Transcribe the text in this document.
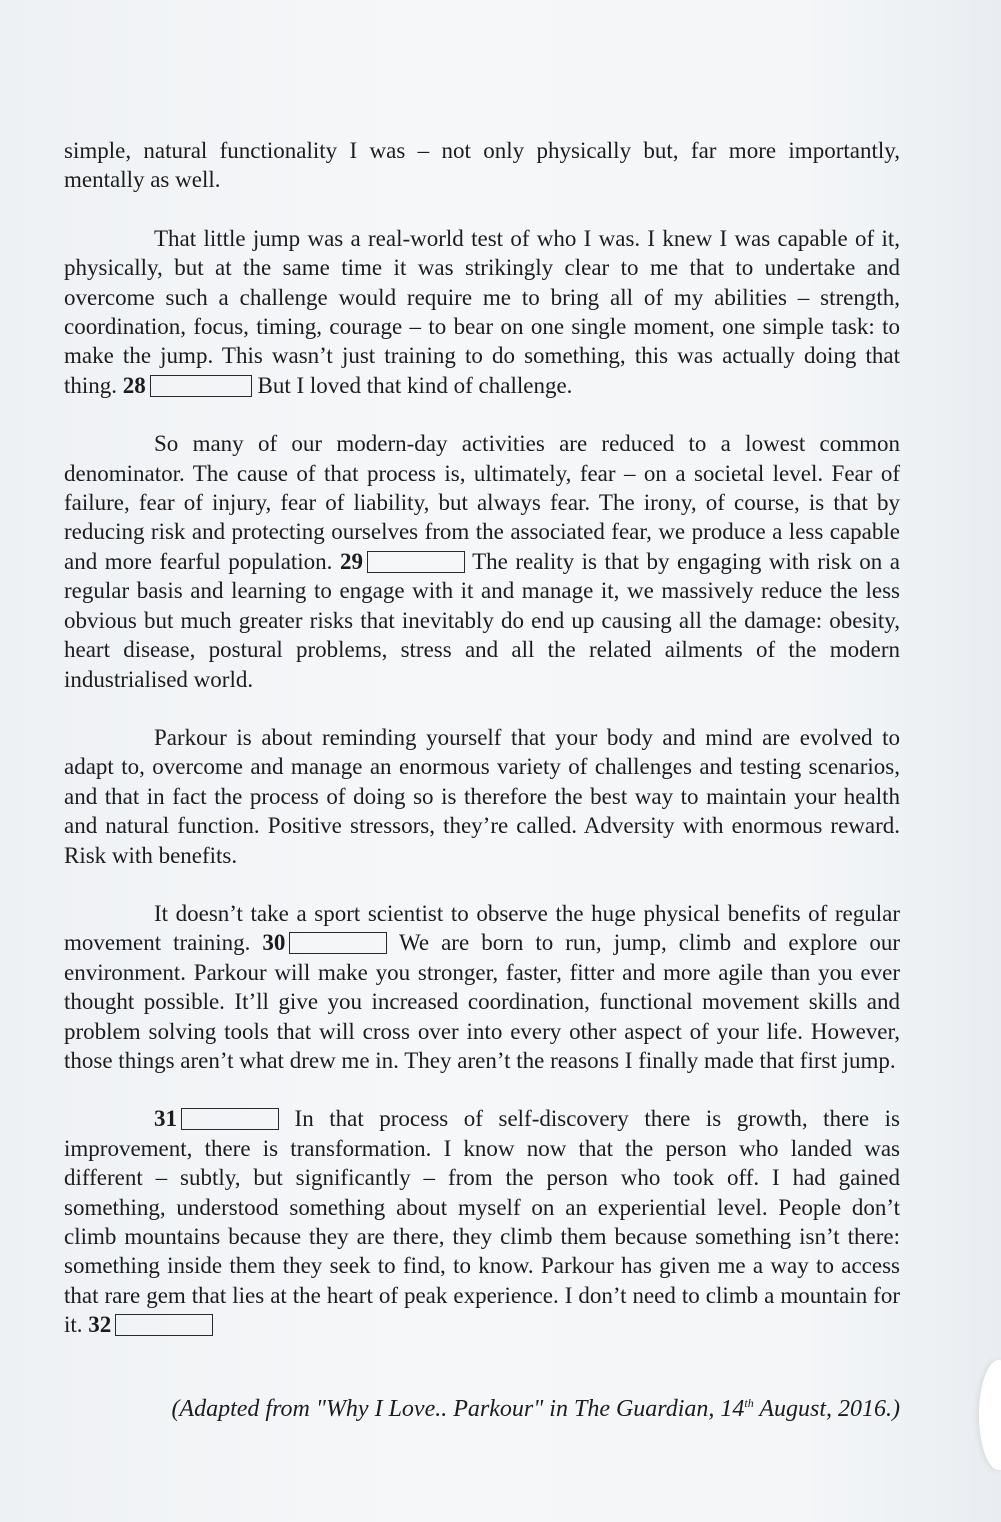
simple, natural functionality I was – not only physically but, far more importantly, mentally as well.

That little jump was a real-world test of who I was. I knew I was capable of it, physically, but at the same time it was strikingly clear to me that to undertake and overcome such a challenge would require me to bring all of my abilities – strength, coordination, focus, timing, courage – to bear on one single moment, one simple task: to make the jump. This wasn’t just training to do something, this was actually doing that thing. 28	But I loved that kind of challenge.

So many of our modern-day activities are reduced to a lowest common denominator. The cause of that process is, ultimately, fear – on a societal level. Fear of failure, fear of injury, fear of liability, but always fear. The irony, of course, is that by reducing risk and protecting ourselves from the associated fear, we produce a less capable and more fearful population. 29	The reality is that by engaging with risk on a regular basis and learning to engage with it and manage it, we massively reduce the less obvious but much greater risks that inevitably do end up causing all the damage: obesity, heart disease, postural problems, stress and all the related ailments of the modern industrialised world.

Parkour is about reminding yourself that your body and mind are evolved to adapt to, overcome and manage an enormous variety of challenges and testing scenarios, and that in fact the process of doing so is therefore the best way to maintain your health and natural function. Positive stressors, they’re called. Adversity with enormous reward. Risk with benefits.

It doesn’t take a sport scientist to observe the huge physical benefits of regular movement training. 30	We are born to run, jump, climb and explore our environment. Parkour will make you stronger, faster, fitter and more agile than you ever thought possible. It’ll give you increased coordination, functional movement skills and problem solving tools that will cross over into every other aspect of your life. However, those things aren’t what drew me in. They aren’t the reasons I finally made that first jump.

31	In that process of self-discovery there is growth, there is improvement, there is transformation. I know now that the person who landed was different – subtly, but significantly – from the person who took off. I had gained something, understood something about myself on an experiential level. People don’t climb mountains because they are there, they climb them because something isn’t there: something inside them they seek to find, to know. Parkour has given me a way to access that rare gem that lies at the heart of peak experience. I don’t need to climb a mountain for it. 32

(Adapted from "Why I Love.. Parkour" in The Guardian, 14th August, 2016.)
